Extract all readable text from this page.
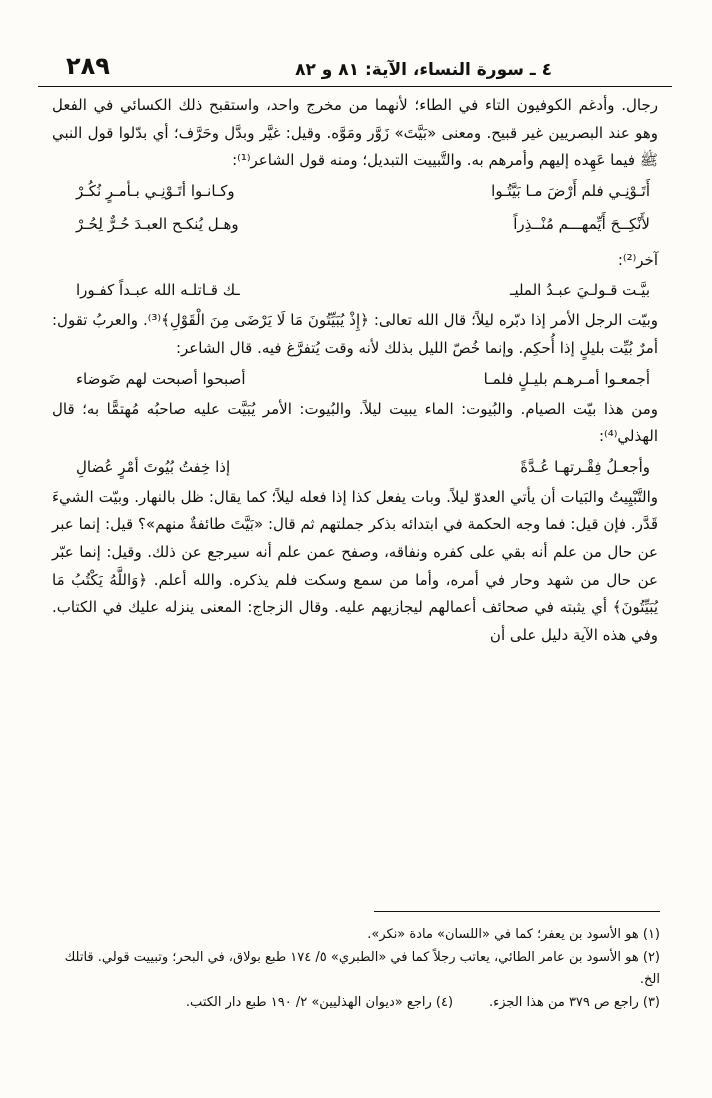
٢٨٩	٤ ـ سورة النساء، الآية: ٨١ و ٨٢

رجال. وأدغم الكوفيون التاء في الطاء؛ لأنهما من مخرج واحد، واستقبح ذلك الكسائي في الفعل وهو عند البصريين غير قبيح. ومعنى «بَيَّتَ» زَوَّر ومَوَّه. وقيل: غيَّر وبدَّل وحَرَّف؛ أي بدّلوا قول النبي ﷺ فيما عَهِده إليهم وأمرهم به. والتَّبييت التبديل؛ ومنه قول الشاعر⁽¹⁾:

أَتَـوْنِـي فلم أَرْضَ مـا بَيَّتُـوا
وكـانـوا أتَـوْنِـي بـأمـرٍ نُكُـرْ
لأَنْكِــحَ أَيِّمهـــم مُنْــذِراً
وهـل يُنكـح العبـدَ حُـرٌّ لِحُـرْ

آخر⁽²⁾:

بيَّـت قـولـيَ عبـدُ المليـ
ـك قـاتلـه الله عبـداً كفـورا

وبيّت الرجل الأمر إذا دبّره ليلاً؛ قال الله تعالى: ﴿إِذْ يُبَيِّتُونَ مَا لَا يَرْضَى مِنَ الْقَوْلِ﴾⁽³⁾. والعربُ تقول: أمرٌ بُيِّت بليلٍ إذا أُحكِم. وإنما خُصّ الليل بذلك لأنه وقت يُتفرَّغ فيه. قال الشاعر:

أجمعـوا أمـرهـم بليـلٍ فلمـا
أصبحوا أصبحت لهم ضَوضاء

ومن هذا بيّت الصيام. والبُيوت: الماء يبيت ليلاً. والبُيوت: الأمر يُبَيَّت عليه صاحبُه مُهتمًّا به؛ قال الهذلي⁽⁴⁾:

وأجعـلُ فِقْـرتهـا عُـدَّةً
إذا خِفتُ بُيُوتَ أمْرٍ عُضالِ

والتَّبْيِيتُ والبَيات أن يأتي العدوّ ليلاً. وبات يفعل كذا إذا فعله ليلاً؛ كما يقال: ظل بالنهار. وبيّت الشيءَ قَدَّر. فإن قيل: فما وجه الحكمة في ابتدائه بذكر جملتهم ثم قال: «بَيَّتَ طائفةٌ منهم»؟ قيل: إنما عبر عن حال من علم أنه بقي على كفره ونفاقه، وصفح عمن علم أنه سيرجع عن ذلك. وقيل: إنما عبّر عن حال من شهد وحار في أمره، وأما من سمع وسكت فلم يذكره. والله أعلم. ﴿وَاللَّهُ يَكْتُبُ مَا يُبَيِّتُونَ﴾ أي يثبته في صحائف أعمالهم ليجازيهم عليه. وقال الزجاج: المعنى ينزله عليك في الكتاب. وفي هذه الآية دليل على أن

(١) هو الأسود بن يعفر؛ كما في «اللسان» مادة «نكر».

(٢) هو الأسود بن عامر الطائي، يعاتب رجلاً كما في «الطبري» ٥/ ١٧٤ طبع بولاق، في البحر؛ وتبييت قولي. قاتلك الخ.

(٣) راجع ص ٣٧٩ من هذا الجزء.
(٤) راجع «ديوان الهذليين» ٢/ ١٩٠ طبع دار الكتب.
